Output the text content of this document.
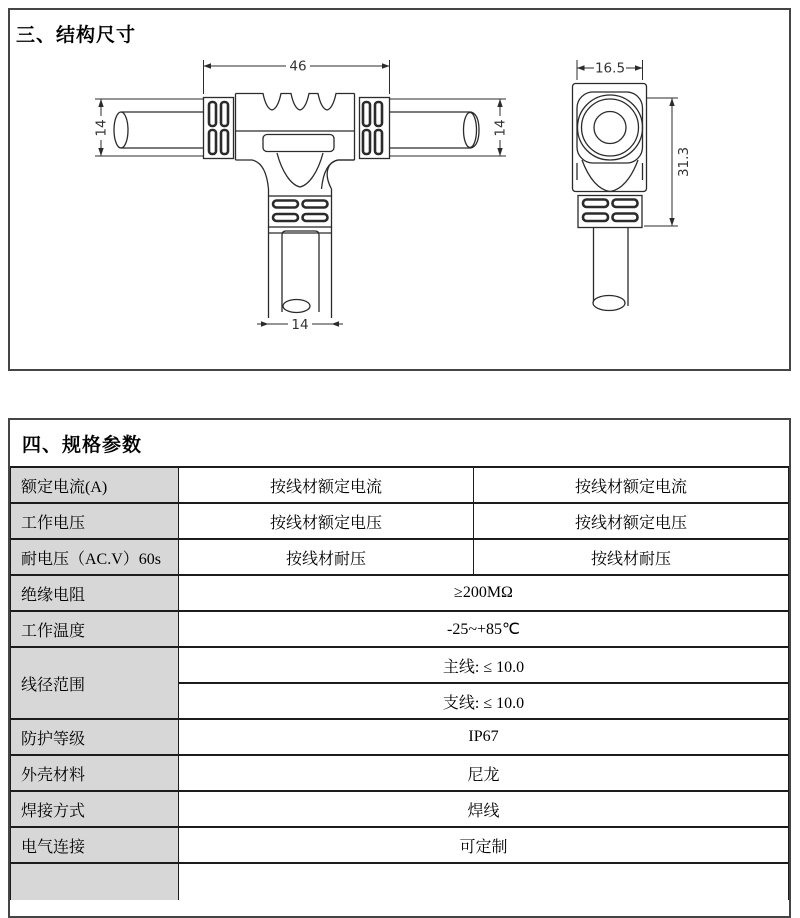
三、结构尺寸
46
14	14
14
16.5
31.3
四、规格参数
额定电流(A)	按线材额定电流	按线材额定电流
工作电压	按线材额定电压	按线材额定电压
耐电压（AC.V）60s	按线材耐压	按线材耐压
绝缘电阻	≥200MΩ	
工作温度	-25~+85℃	
线径范围	主线: ≤ 10.0	
	支线: ≤ 10.0	
防护等级	IP67	
外壳材料	尼龙	
焊接方式	焊线	
电气连接	可定制	
